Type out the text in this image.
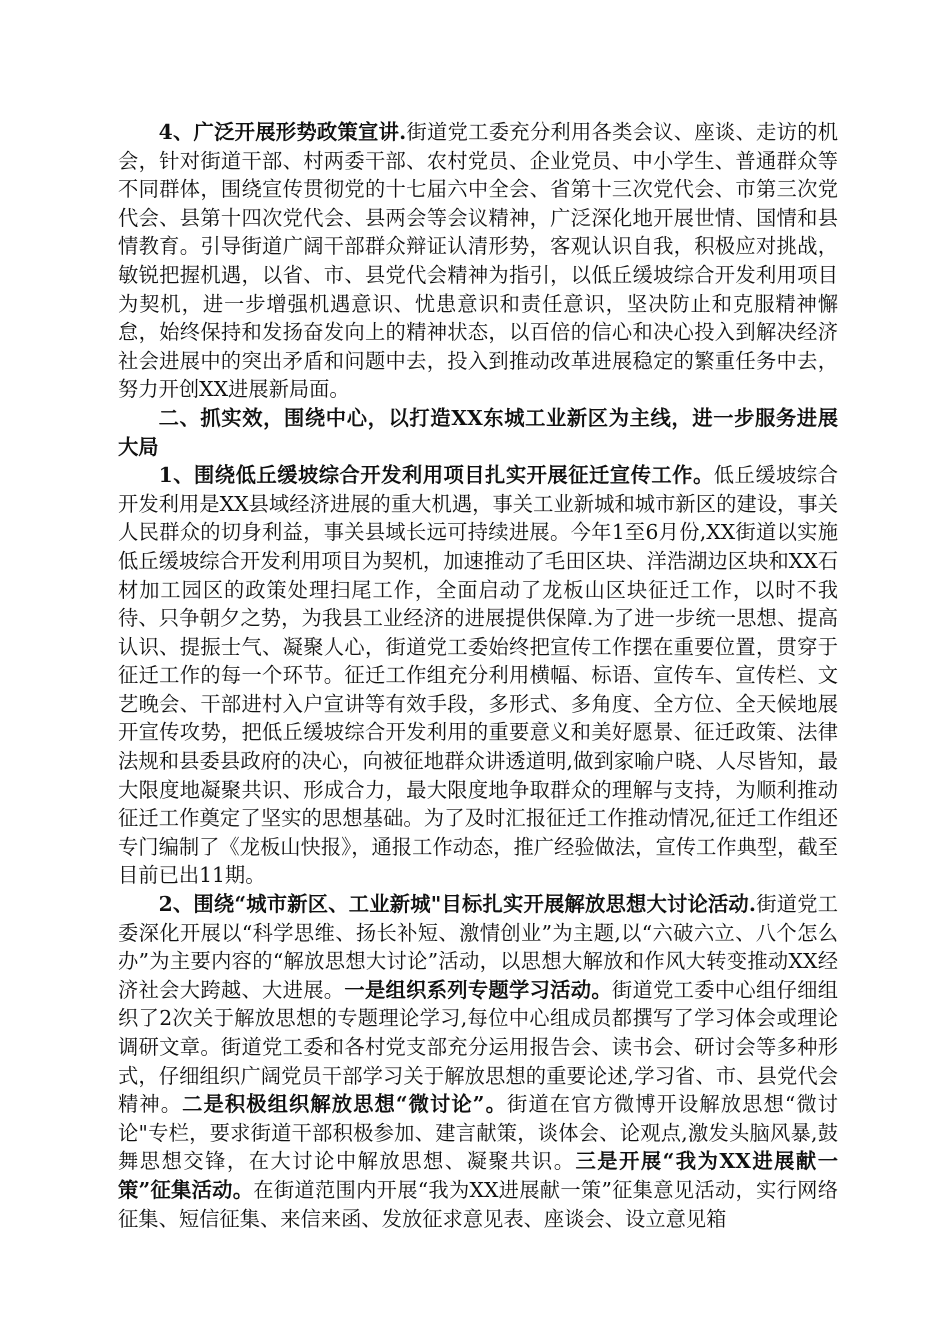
4、广泛开展形势政策宣讲.街道党工委充分利用各类会议、座谈、走访的机会，针对街道干部、村两委干部、农村党员、企业党员、中小学生、普通群众等不同群体，围绕宣传贯彻党的十七届六中全会、省第十三次党代会、市第三次党代会、县第十四次党代会、县两会等会议精神，广泛深化地开展世情、国情和县情教育。引导街道广阔干部群众辩证认清形势，客观认识自我，积极应对挑战，敏锐把握机遇，以省、市、县党代会精神为指引，以低丘缓坡综合开发利用项目为契机，进一步增强机遇意识、忧患意识和责任意识，坚决防止和克服精神懈怠，始终保持和发扬奋发向上的精神状态，以百倍的信心和决心投入到解决经济社会进展中的突出矛盾和问题中去，投入到推动改革进展稳定的繁重任务中去，努力开创XX进展新局面。

二、抓实效，围绕中心，以打造XX东城工业新区为主线，进一步服务进展大局

1、围绕低丘缓坡综合开发利用项目扎实开展征迁宣传工作。低丘缓坡综合开发利用是XX县域经济进展的重大机遇，事关工业新城和城市新区的建设，事关人民群众的切身利益，事关县域长远可持续进展。今年1至6月份,XX街道以实施低丘缓坡综合开发利用项目为契机，加速推动了毛田区块、洋浩湖边区块和XX石材加工园区的政策处理扫尾工作，全面启动了龙板山区块征迁工作，以时不我待、只争朝夕之势，为我县工业经济的进展提供保障.为了进一步统一思想、提高认识、提振士气、凝聚人心，街道党工委始终把宣传工作摆在重要位置，贯穿于征迁工作的每一个环节。征迁工作组充分利用横幅、标语、宣传车、宣传栏、文艺晚会、干部进村入户宣讲等有效手段，多形式、多角度、全方位、全天候地展开宣传攻势，把低丘缓坡综合开发利用的重要意义和美好愿景、征迁政策、法律法规和县委县政府的决心，向被征地群众讲透道明,做到家喻户晓、人尽皆知，最大限度地凝聚共识、形成合力，最大限度地争取群众的理解与支持，为顺利推动征迁工作奠定了坚实的思想基础。为了及时汇报征迁工作推动情况,征迁工作组还专门编制了《龙板山快报》，通报工作动态，推广经验做法，宣传工作典型，截至目前已出11期。

2、围绕“城市新区、工业新城"目标扎实开展解放思想大讨论活动.街道党工委深化开展以“科学思维、扬长补短、激情创业”为主题,以“六破六立、八个怎么办”为主要内容的“解放思想大讨论”活动，以思想大解放和作风大转变推动XX经济社会大跨越、大进展。一是组织系列专题学习活动。街道党工委中心组仔细组织了2次关于解放思想的专题理论学习,每位中心组成员都撰写了学习体会或理论调研文章。街道党工委和各村党支部充分运用报告会、读书会、研讨会等多种形式，仔细组织广阔党员干部学习关于解放思想的重要论述,学习省、市、县党代会精神。二是积极组织解放思想“微讨论”。街道在官方微博开设解放思想“微讨论"专栏，要求街道干部积极参加、建言献策，谈体会、论观点,激发头脑风暴,鼓舞思想交锋，在大讨论中解放思想、凝聚共识。三是开展“我为XX进展献一策”征集活动。在街道范围内开展“我为XX进展献一策”征集意见活动，实行网络征集、短信征集、来信来函、发放征求意见表、座谈会、设立意见箱
